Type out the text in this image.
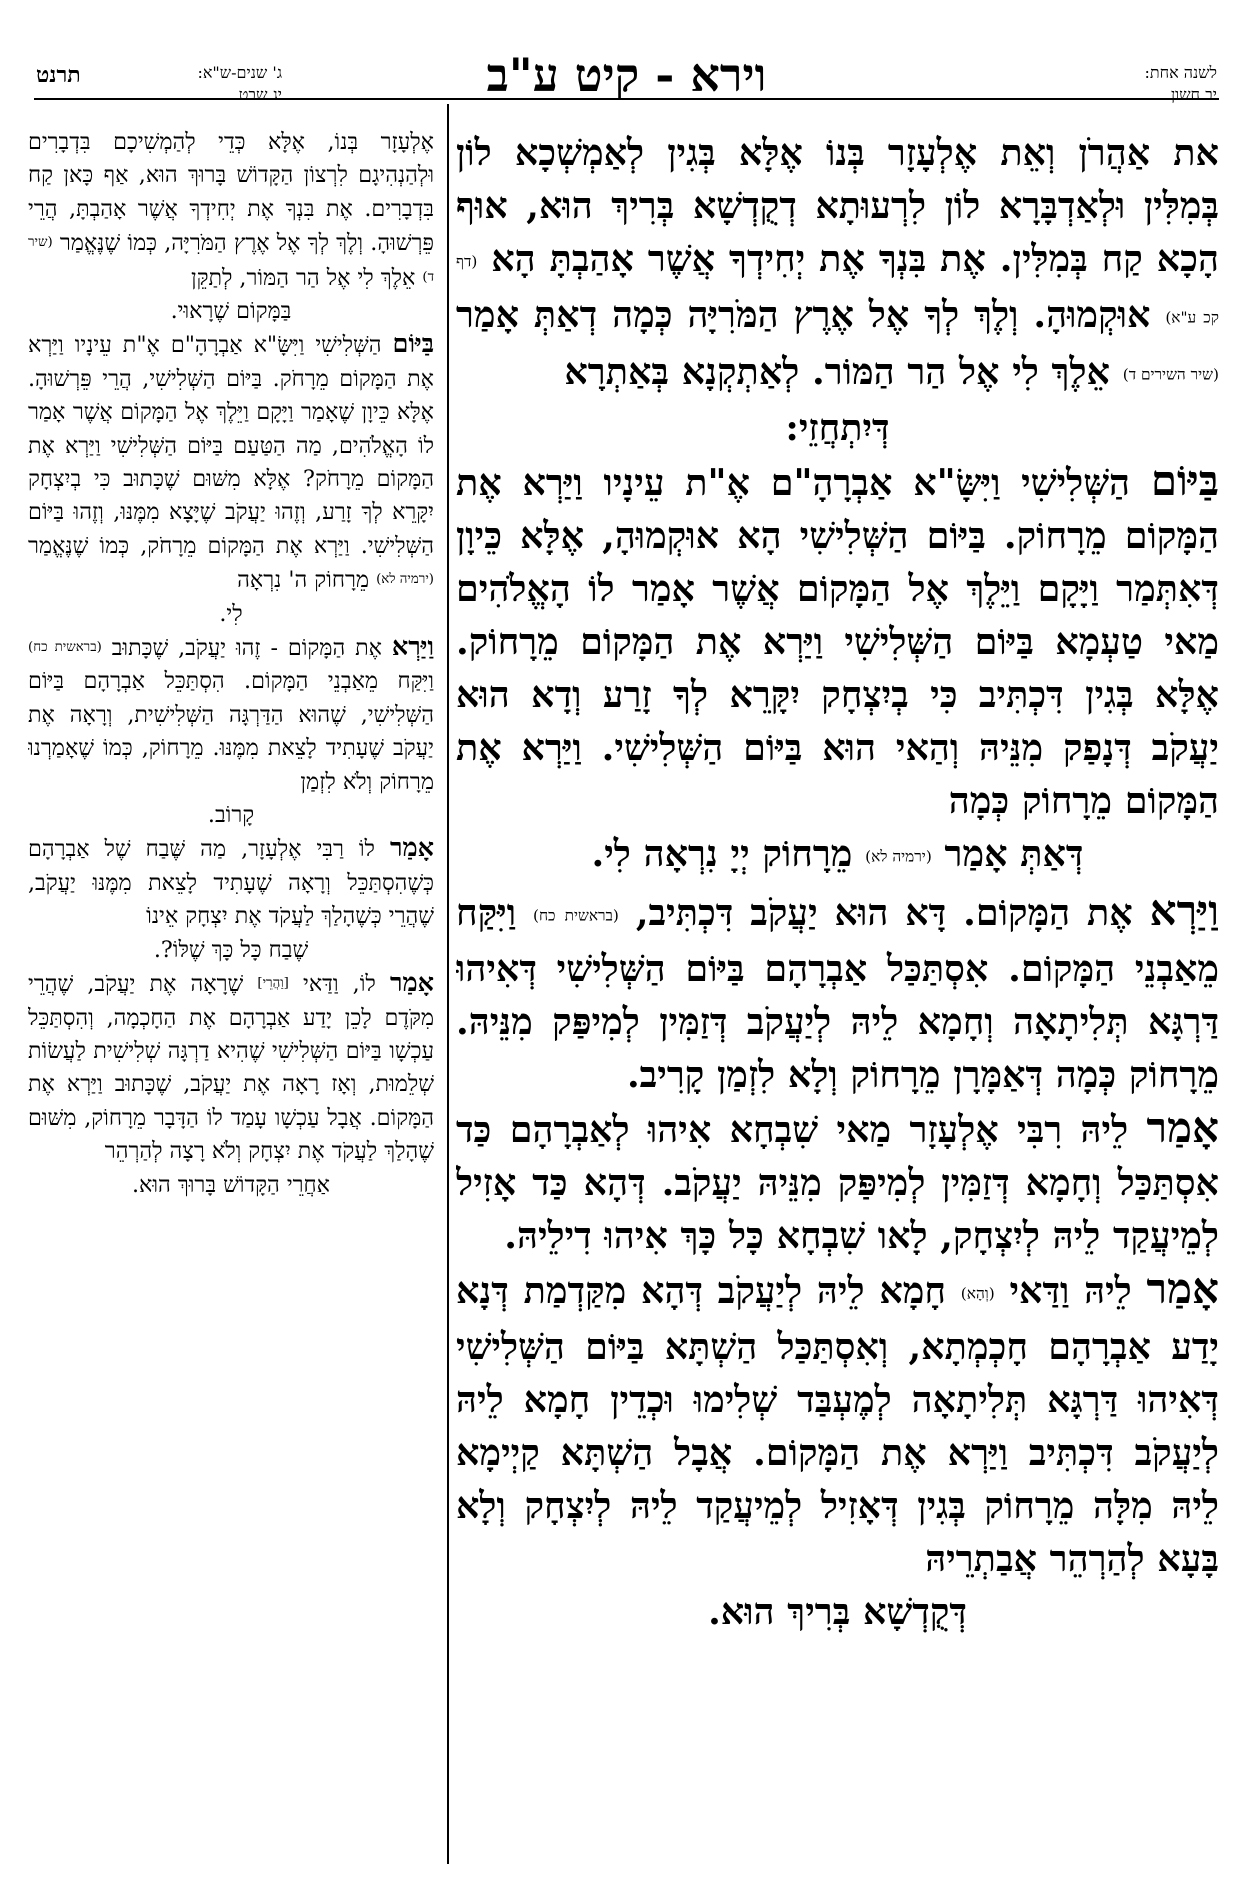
לשנה אחת:
יב חשון
וירא - קיט ע"ב
ג' שנים-ש"א:
יג שבט
תרנט

את אַהֲרֹן וְאֵת אֶלְעָזָר בְּנוֹ אֶלָּא בְּגִין לְאַמְשְׁכָא לוֹן בְּמִלִּין וּלְאַדְבָּרָא לוֹן לִרְעוּתָא דְקֻדְשָׁא בְּרִיךְ הוּא, אוּף הָכָא קַח בְּמִלִּין. אֶת בִּנְךָ אֶת יְחִידְךָ אֲשֶׁר אָהַבְתָּ הָא (דף קכ ע"א) אוּקְמוּהָ. וְלֶךְ לְךָ אֶל אֶרֶץ הַמֹּרִיָּה כְּמָה דְאַתְּ אָמַר (שיר השירים ד) אֵלֶךְ לִי אֶל הַר הַמּוֹר. לְאַתְקְנָא בְּאַתְרָא

דְּיִתְחֲזֵי:

בַּיּוֹם הַשְּׁלִישִׁי וַיִּשָּׂ"א אַבְרָהָ"ם אֶ"ת עֵינָיו וַיַּרְא אֶת הַמָּקוֹם מֵרָחוֹק. בַּיּוֹם הַשְּׁלִישִׁי הָא אוּקְמוּהָ, אֶלָּא כֵּיוָן דְּאִתְּמַר וַיָּקָם וַיֵּלֶךְ אֶל הַמָּקוֹם אֲשֶׁר אָמַר לוֹ הָאֱלֹהִים מַאי טַעְמָא בַּיּוֹם הַשְּׁלִישִׁי וַיַּרְא אֶת הַמָּקוֹם מֵרָחוֹק. אֶלָּא בְּגִין דִּכְתִּיב כִּי בְיִצְחָק יִקָּרֵא לְךָ זָרַע וְדָא הוּא יַעֲקֹב דְּנָפַק מִנֵּיהּ וְהַאי הוּא בַּיּוֹם הַשְּׁלִישִׁי. וַיַּרְא אֶת הַמָּקוֹם מֵרָחוֹק כְּמָה

דְּאַתְּ אָמַר (ירמיה לא) מֵרָחוֹק יְיָ נִרְאָה לִי.

וַיַּרְא אֶת הַמָּקוֹם. דָּא הוּא יַעֲקֹב דִּכְתִּיב, (בראשית כח) וַיִּקַּח מֵאַבְנֵי הַמָּקוֹם. אִסְתַּכַּל אַבְרָהָם בַּיּוֹם הַשְּׁלִישִׁי דְּאִיהוּ דַּרְגָּא תְּלִיתָאָה וְחָמָא לֵיהּ לְיַעֲקֹב דְּזַמִּין לְמִיפַּק מִנֵּיהּ. מֵרָחוֹק כְּמָה דְּאַמָּרָן מֵרָחוֹק וְלָא לִזְמַן קָרִיב.

אָמַר לֵיהּ רִבִּי אֶלְעָזָר מַאי שִׁבְחָא אִיהוּ לְאַבְרָהָם כַּד אִסְתַּכַּל וְחָמָא דְּזַמִּין לְמִיפַּק מִנֵּיהּ יַעֲקֹב. דְּהָא כַּד אָזִיל לְמֵיעֲקַד לֵיהּ לְיִצְחָק, לָאו שִׁבְחָא כָּל כָּךְ אִיהוּ דִילֵיהּ.

אָמַר לֵיהּ וַדַּאי (וְהָא) חָמָא לֵיהּ לְיַעֲקֹב דְּהָא מִקַּדְמַת דְּנָא יָדַע אַבְרָהָם חָכְמְתָא, וְאִסְתַּכַּל הַשְׁתָּא בַּיּוֹם הַשְּׁלִישִׁי דְּאִיהוּ דַּרְגָּא תְּלִיתָאָה לְמֶעְבַּד שְׁלִימוּ וּכְדֵין חָמָא לֵיהּ לְיַעֲקֹב דִּכְתִּיב וַיַּרְא אֶת הַמָּקוֹם. אֲבָל הַשְׁתָּא קַיְימָא לֵיהּ מִלָּה מֵרָחוֹק בְּגִין דְּאָזִיל לְמֵיעֲקַד לֵיהּ לְיִצְחָק וְלָא בָּעָא לְהַרְהֵר אֲבַתְרֵיהּ

דְּקֻדְשָׁא בְּרִיךְ הוּא.

אֶלְעָזָר בְּנוֹ, אֶלָּא כְּדֵי לְהַמְשִׁיכָם בִּדְבָרִים וּלְהַנְהִיגָם לִרְצוֹן הַקָּדוֹשׁ בָּרוּךְ הוּא, אַף כָּאן קַח בִּדְבָרִים. אֶת בִּנְךָ אֶת יְחִידְךָ אֲשֶׁר אָהַבְתָּ, הֲרֵי פֵּרְשׁוּהָ. וְלֶךְ לְךָ אֶל אֶרֶץ הַמֹּרִיָּה, כְּמוֹ שֶׁנֶּאֱמַר (שיר ד) אֵלֶךְ לִי אֶל הַר הַמּוֹר, לְתַקֵּן

בַּמָּקוֹם שֶׁרָאוּי.

בַּיּוֹם הַשְּׁלִישִׁי וַיִּשָּׂ"א אַבְרָהָ"ם אֶ"ת עֵינָיו וַיַּרְא אֶת הַמָּקוֹם מֵרָחֹק. בַּיּוֹם הַשְּׁלִישִׁי, הֲרֵי פֵּרְשׁוּהָ. אֶלָּא כֵּיוָן שֶׁאָמַר וַיָּקָם וַיֵּלֶךְ אֶל הַמָּקוֹם אֲשֶׁר אָמַר לוֹ הָאֱלֹהִים, מַה הַטַּעַם בַּיּוֹם הַשְּׁלִישִׁי וַיַּרְא אֶת הַמָּקוֹם מֵרָחֹק? אֶלָּא מִשּׁוּם שֶׁכָּתוּב כִּי בְיִצְחָק יִקָּרֵא לְךָ זָרַע, וְזֶהוּ יַעֲקֹב שֶׁיָּצָא מִמֶּנּוּ, וְזֶהוּ בַּיּוֹם הַשְּׁלִישִׁי. וַיַּרְא אֶת הַמָּקוֹם מֵרָחֹק, כְּמוֹ שֶׁנֶּאֱמַר (ירמיה לא) מֵרָחוֹק ה' נִרְאָה

לִי.

וַיַּרְא אֶת הַמָּקוֹם - זֶהוּ יַעֲקֹב, שֶׁכָּתוּב (בראשית כח) וַיִּקַּח מֵאַבְנֵי הַמָּקוֹם. הִסְתַּכֵּל אַבְרָהָם בַּיּוֹם הַשְּׁלִישִׁי, שֶׁהוּא הַדַּרְגָּה הַשְּׁלִישִׁית, וְרָאָה אֶת יַעֲקֹב שֶׁעָתִיד לָצֵאת מִמֶּנּוּ. מֵרָחוֹק, כְּמוֹ שֶׁאָמַרְנוּ מֵרָחוֹק וְלֹא לִזְמַן

קָרוֹב.

אָמַר לוֹ רַבִּי אֶלְעָזָר, מַה שֶּׁבַח שֶׁל אַבְרָהָם כְּשֶׁהִסְתַּכֵּל וְרָאָה שֶׁעָתִיד לָצֵאת מִמֶּנּוּ יַעֲקֹב, שֶׁהֲרֵי כְּשֶׁהָלַךְ לַעֲקֹד אֶת יִצְחָק אֵינוֹ

שֶׁבַח כָּל כָּךְ שֶׁלּוֹ?.

אָמַר לוֹ, וַדַּאי [וַהֲרֵי] שֶׁרָאָה אֶת יַעֲקֹב, שֶׁהֲרֵי מִקֹּדֶם לָכֵן יָדַע אַבְרָהָם אֶת הַחָכְמָה, וְהִסְתַּכֵּל עַכְשָׁו בַּיּוֹם הַשְּׁלִישִׁי שֶׁהִיא דַרְגָּה שְׁלִישִׁית לַעֲשׂוֹת שְׁלֵמוּת, וְאָז רָאָה אֶת יַעֲקֹב, שֶׁכָּתוּב וַיַּרְא אֶת הַמָּקוֹם. אֲבָל עַכְשָׁו עָמַד לוֹ הַדָּבָר מֵרָחוֹק, מִשּׁוּם שֶׁהָלַךְ לַעֲקֹד אֶת יִצְחָק וְלֹא רָצָה לְהַרְהֵר

אַחֲרֵי הַקָּדוֹשׁ בָּרוּךְ הוּא.
